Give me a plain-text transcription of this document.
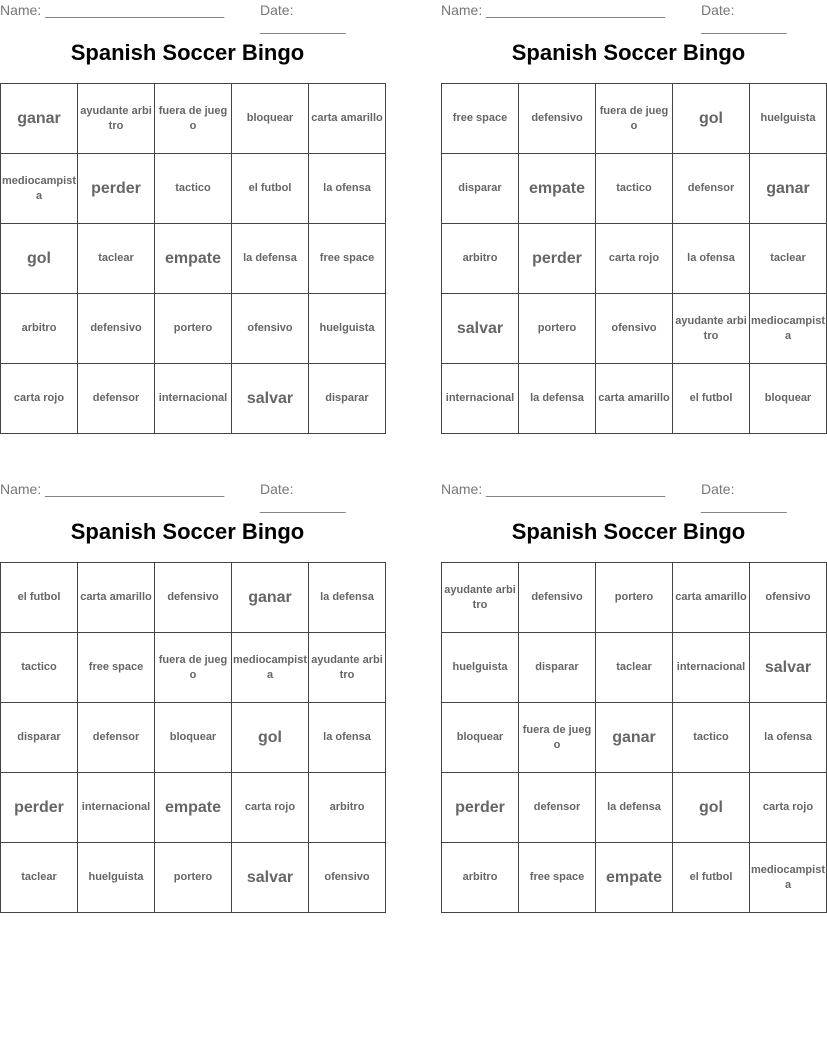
Name: _______________________	Date: ___________
Spanish Soccer Bingo
ganar	ayudante arbitro	fuera de juego	bloquear	carta amarillo
mediocampista	perder	tactico	el futbol	la ofensa
gol	taclear	empate	la defensa	free space
arbitro	defensivo	portero	ofensivo	huelguista
carta rojo	defensor	internacional	salvar	disparar
Name: _______________________	Date: ___________
Spanish Soccer Bingo
free space	defensivo	fuera de juego	gol	huelguista
disparar	empate	tactico	defensor	ganar
arbitro	perder	carta rojo	la ofensa	taclear
salvar	portero	ofensivo	ayudante arbitro	mediocampista
internacional	la defensa	carta amarillo	el futbol	bloquear
Name: _______________________	Date: ___________
Spanish Soccer Bingo
el futbol	carta amarillo	defensivo	ganar	la defensa
tactico	free space	fuera de juego	mediocampista	ayudante arbitro
disparar	defensor	bloquear	gol	la ofensa
perder	internacional	empate	carta rojo	arbitro
taclear	huelguista	portero	salvar	ofensivo
Name: _______________________	Date: ___________
Spanish Soccer Bingo
ayudante arbitro	defensivo	portero	carta amarillo	ofensivo
huelguista	disparar	taclear	internacional	salvar
bloquear	fuera de juego	ganar	tactico	la ofensa
perder	defensor	la defensa	gol	carta rojo
arbitro	free space	empate	el futbol	mediocampista
